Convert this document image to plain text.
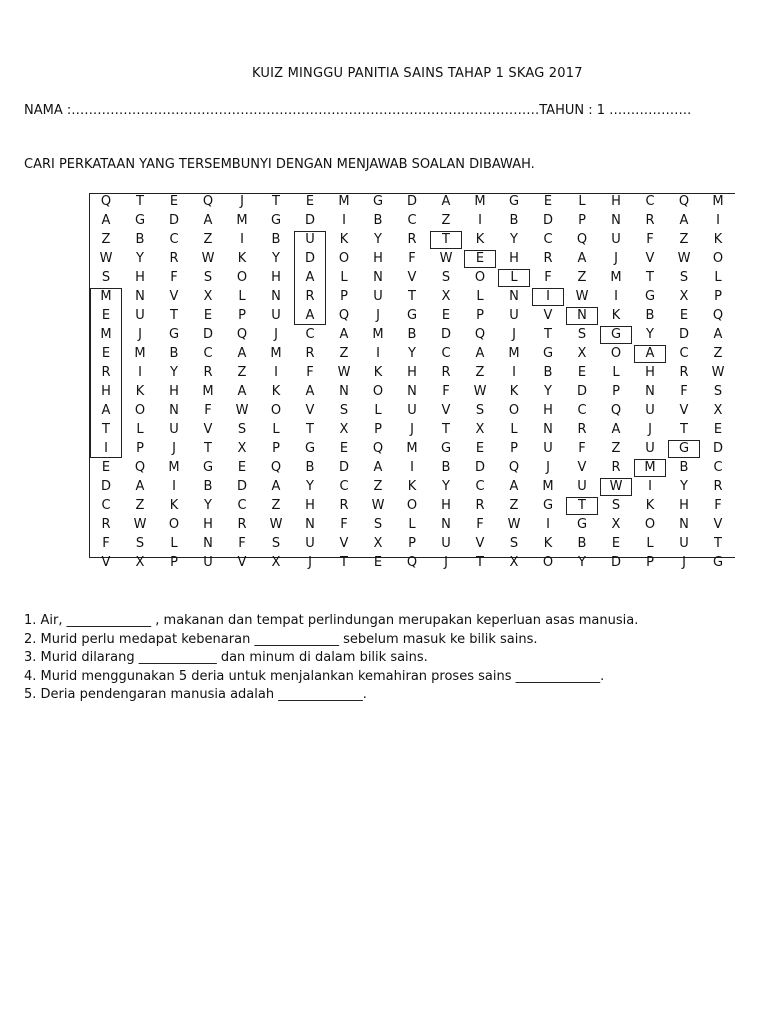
KUIZ MINGGU PANITIA SAINS TAHAP 1 SKAG 2017
NAMA :………………………………………………………………………………………………TAHUN : 1 ……………….
CARI PERKATAAN YANG TERSEMBUNYI DENGAN MENJAWAB SOALAN DIBAWAH.
Q	T	E	Q	J	T	E	M	G	D	A	M	G	E	L	H	C	Q	M
A	G	D	A	M	G	D	I	B	C	Z	I	B	D	P	N	R	A	I
Z	B	C	Z	I	B	U	K	Y	R	T	K	Y	C	Q	U	F	Z	K
W	Y	R	W	K	Y	D	O	H	F	W	E	H	R	A	J	V	W	O
S	H	F	S	O	H	A	L	N	V	S	O	L	F	Z	M	T	S	L
M	N	V	X	L	N	R	P	U	T	X	L	N	I	W	I	G	X	P
E	U	T	E	P	U	A	Q	J	G	E	P	U	V	N	K	B	E	Q
M	J	G	D	Q	J	C	A	M	B	D	Q	J	T	S	G	Y	D	A
E	M	B	C	A	M	R	Z	I	Y	C	A	M	G	X	O	A	C	Z
R	I	Y	R	Z	I	F	W	K	H	R	Z	I	B	E	L	H	R	W
H	K	H	M	A	K	A	N	O	N	F	W	K	Y	D	P	N	F	S
A	O	N	F	W	O	V	S	L	U	V	S	O	H	C	Q	U	V	X
T	L	U	V	S	L	T	X	P	J	T	X	L	N	R	A	J	T	E
I	P	J	T	X	P	G	E	Q	M	G	E	P	U	F	Z	U	G	D
E	Q	M	G	E	Q	B	D	A	I	B	D	Q	J	V	R	M	B	C
D	A	I	B	D	A	Y	C	Z	K	Y	C	A	M	U	W	I	Y	R
C	Z	K	Y	C	Z	H	R	W	O	H	R	Z	G	T	S	K	H	F
R	W	O	H	R	W	N	F	S	L	N	F	W	I	G	X	O	N	V
F	S	L	N	F	S	U	V	X	P	U	V	S	K	B	E	L	U	T
V	X	P	U	V	X	J	T	E	Q	J	T	X	O	Y	D	P	J	G
1. Air, _____________ , makanan dan tempat perlindungan merupakan keperluan asas manusia.
2. Murid perlu medapat kebenaran _____________ sebelum masuk ke bilik sains.
3. Murid dilarang ____________ dan minum di dalam bilik sains.
4. Murid menggunakan 5 deria untuk menjalankan kemahiran proses sains _____________.
5. Deria pendengaran manusia adalah _____________.
